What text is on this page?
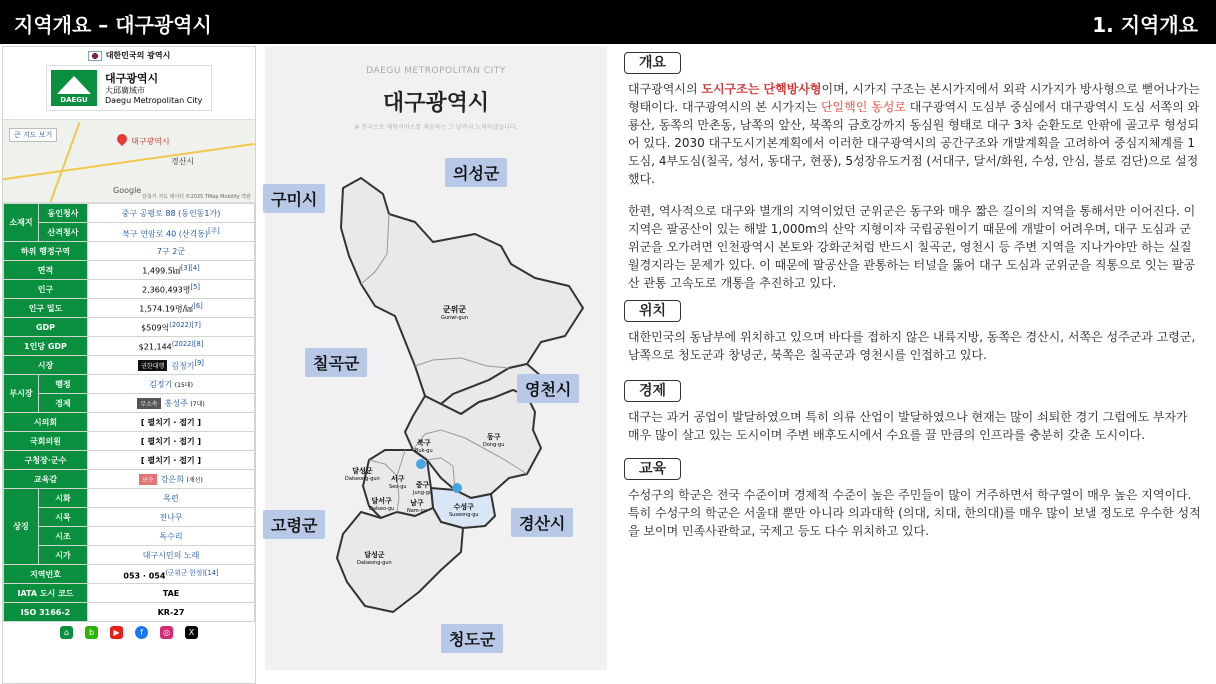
지역개요 – 대구광역시	1. 지역개요
대한민국의 광역시
DAEGU
대구광역시
大邱廣域市
Daegu Metropolitan City
큰 지도 보기
대구광역시
경산시
Google
단축키 지도 데이터 ©2025 TMap Mobility 약관
소재지	동인청사	중구 공평로 88 (동인동1가)
	산격청사	북구 연암로 40 (산격동)[주]
하위 행정구역		7구 2군
면적		1,499.5㎢[3][4]
인구		2,360,493명[5]
인구 밀도		1,574.19명/㎢[6]
GDP		$509억$^{(2022)[7]}$
1인당 GDP		$\$21,144^{(2022)[8]}$
시장		권한대행 김정기[9]
부시장	행정	김정기 (15대)
	경제	무소속 홍성주 (7대)
시의회		[ 펼치기 · 접기 ]
국회의원		[ 펼치기 · 접기 ]
구청장·군수		[ 펼치기 · 접기 ]
교육감		보수 강은희 (재선)
상징	시화	목련
	시목	전나무
	시조	독수리
	시가	대구시민의 노래
지역번호		$053 \cdot 054^{(군위군 한정)[14]}$
IATA 도시 코드		TAE
ISO 3166-2		KR-27
⌂ b ▶	f	◎ X
DAEGU METROPOLITAN CITY
대구광역시
※ 전국으로 체험서비스를 제공하는 그 날까지 노력하겠습니다.
군위군
Gunwi-gun
북구
Buk-gu
동구
Dong-gu
서구
Seo-gu	중구
Jung-gu
달서구
Dalseo-gu
남구
Nam-gu	수성구
Suseong-gu
달성군
Dalseong-gun
달성군
Dalseong-gun
구미시
의성군
칠곡군
영천시
고령군	경산시
청도군
개요
대구광역시의 도시구조는 단핵방사형이며, 시가지 구조는 본시가지에서 외곽 시가지가 방사형으로 뻗어나가는 형태이다. 대구광역시의 본 시가지는 단일핵인 동성로 대구광역시 도심부 중심에서 대구광역시 도심 서쪽의 와룡산, 동쪽의 만촌동, 남쪽의 앞산, 북쪽의 금호강까지 동심원 형태로 대구 3차 순환도로 안팎에 골고루 형성되어 있다. 2030 대구도시기본계획에서 이러한 대구광역시의 공간구조와 개발계획을 고려하여 중심지체계를 1도심, 4부도심(칠곡, 성서, 동대구, 현풍), 5성장유도거점 (서대구, 달서/화원, 수성, 안심, 불로 검단)으로 설정했다.
한편, 역사적으로 대구와 별개의 지역이었던 군위군은 동구와 매우 짧은 길이의 지역을 통해서만 이어진다. 이 지역은 팔공산이 있는 해발 1,000m의 산악 지형이자 국립공원이기 때문에 개발이 어려우며, 대구 도심과 군위군을 오가려면 인천광역시 본토와 강화군처럼 반드시 칠곡군, 영천시 등 주변 지역을 지나가야만 하는 실질월경지라는 문제가 있다. 이 때문에 팔공산을 관통하는 터널을 뚫어 대구 도심과 군위군을 직통으로 잇는 팔공산 관통 고속도로 개통을 추진하고 있다.
위치
대한민국의 동남부에 위치하고 있으며 바다를 접하지 않은 내륙지방, 동쪽은 경산시, 서쪽은 성주군과 고령군, 남쪽으로 청도군과 창녕군, 북쪽은 칠곡군과 영천시를 인접하고 있다.
경제
대구는 과거 공업이 발달하였으며 특히 의류 산업이 발달하였으나 현재는 많이 쇠퇴한 경기 그럽에도 부자가 매우 많이 살고 있는 도시이며 주변 배후도시에서 수요를 끌 만큼의 인프라를 충분히 갖춘 도시이다.
교육
수성구의 학군은 전국 수준이며 경제적 수준이 높은 주민들이 많이 거주하면서 학구열이 매우 높은 지역이다. 특히 수성구의 학군은 서울대 뿐만 아니라 의과대학 (의대, 치대, 한의대)를 매우 많이 보낼 정도로 우수한 성적을 보이며 민족사관학교, 국제고 등도 다수 위치하고 있다.
